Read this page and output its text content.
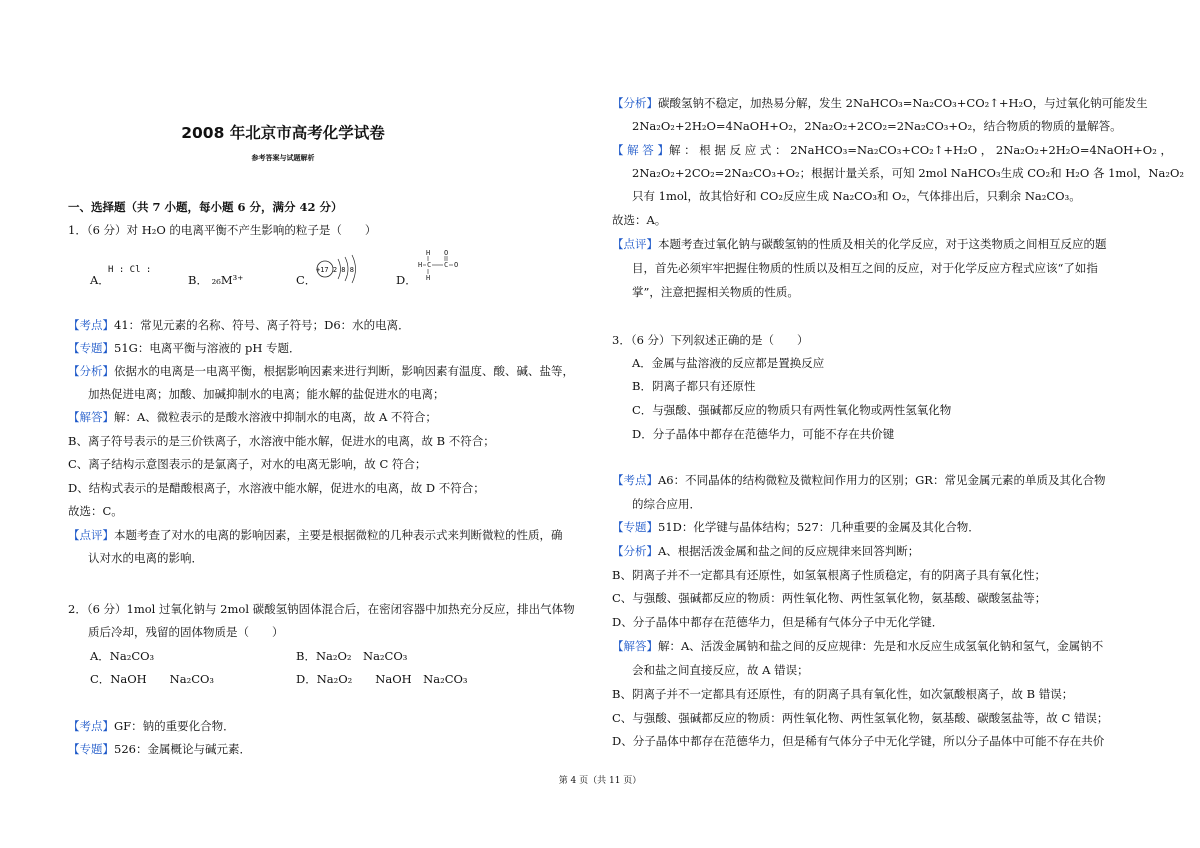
2008 年北京市高考化学试卷
参考答案与试题解析
一、选择题（共 7 小题，每小题 6 分，满分 42 分）
1．（6 分）对 H₂O 的电离平衡不产生影响的粒子是（　　）
A．
H : Cl :
B． ₂₆M³⁺	C．
+17 2 8 8
D．
H O
H C C O
H
【考点】41：常见元素的名称、符号、离子符号；D6：水的电离．
【专题】51G：电离平衡与溶液的 pH 专题．
【分析】依据水的电离是一电离平衡，根据影响因素来进行判断，影响因素有温度、酸、碱、盐等，
加热促进电离；加酸、加碱抑制水的电离；能水解的盐促进水的电离；
【解答】解：A、微粒表示的是酸水溶液中抑制水的电离，故 A 不符合；
B、离子符号表示的是三价铁离子，水溶液中能水解，促进水的电离，故 B 不符合；
C、离子结构示意图表示的是氯离子，对水的电离无影响，故 C 符合；
D、结构式表示的是醋酸根离子，水溶液中能水解，促进水的电离，故 D 不符合；
故选：C。
【点评】本题考查了对水的电离的影响因素，主要是根据微粒的几种表示式来判断微粒的性质，确
认对水的电离的影响．
2．（6 分）1mol 过氧化钠与 2mol 碳酸氢钠固体混合后，在密闭容器中加热充分反应，排出气体物
质后冷却，残留的固体物质是（　　）
A．Na₂CO₃	B．Na₂O₂　Na₂CO₃
C．NaOH　　Na₂CO₃	D．Na₂O₂　　NaOH　Na₂CO₃
【考点】GF：钠的重要化合物．
【专题】526：金属概论与碱元素．
【分析】碳酸氢钠不稳定，加热易分解，发生 2NaHCO₃=Na₂CO₃+CO₂↑+H₂O，与过氧化钠可能发生
2Na₂O₂+2H₂O=4NaOH+O₂，2Na₂O₂+2CO₂=2Na₂CO₃+O₂，结合物质的物质的量解答。
【 解 答 】解 ： 根 据 反 应 式 ： 2NaHCO₃=Na₂CO₃+CO₂↑+H₂O ， 2Na₂O₂+2H₂O=4NaOH+O₂ ，
2Na₂O₂+2CO₂=2Na₂CO₃+O₂；根据计量关系，可知 2mol NaHCO₃生成 CO₂和 H₂O 各 1mol，Na₂O₂
只有 1mol，故其恰好和 CO₂反应生成 Na₂CO₃和 O₂，气体排出后，只剩余 Na₂CO₃。
故选：A。
【点评】本题考查过氧化钠与碳酸氢钠的性质及相关的化学反应，对于这类物质之间相互反应的题
目，首先必须牢牢把握住物质的性质以及相互之间的反应，对于化学反应方程式应该“了如指
掌”，注意把握相关物质的性质。
3．（6 分）下列叙述正确的是（　　）
A．金属与盐溶液的反应都是置换反应
B．阴离子都只有还原性
C．与强酸、强碱都反应的物质只有两性氧化物或两性氢氧化物
D．分子晶体中都存在范德华力，可能不存在共价键
【考点】A6：不同晶体的结构微粒及微粒间作用力的区别；GR：常见金属元素的单质及其化合物
的综合应用．
【专题】51D：化学键与晶体结构；527：几种重要的金属及其化合物．
【分析】A、根据活泼金属和盐之间的反应规律来回答判断；
B、阴离子并不一定都具有还原性，如氢氧根离子性质稳定，有的阴离子具有氧化性；
C、与强酸、强碱都反应的物质：两性氧化物、两性氢氧化物，氨基酸、碳酸氢盐等；
D、分子晶体中都存在范德华力，但是稀有气体分子中无化学键．
【解答】解：A、活泼金属钠和盐之间的反应规律：先是和水反应生成氢氧化钠和氢气，金属钠不
会和盐之间直接反应，故 A 错误；
B、阴离子并不一定都具有还原性，有的阴离子具有氧化性，如次氯酸根离子，故 B 错误；
C、与强酸、强碱都反应的物质：两性氧化物、两性氢氧化物，氨基酸、碳酸氢盐等，故 C 错误；
D、分子晶体中都存在范德华力，但是稀有气体分子中无化学键，所以分子晶体中可能不存在共价
第 4 页（共 11 页）
